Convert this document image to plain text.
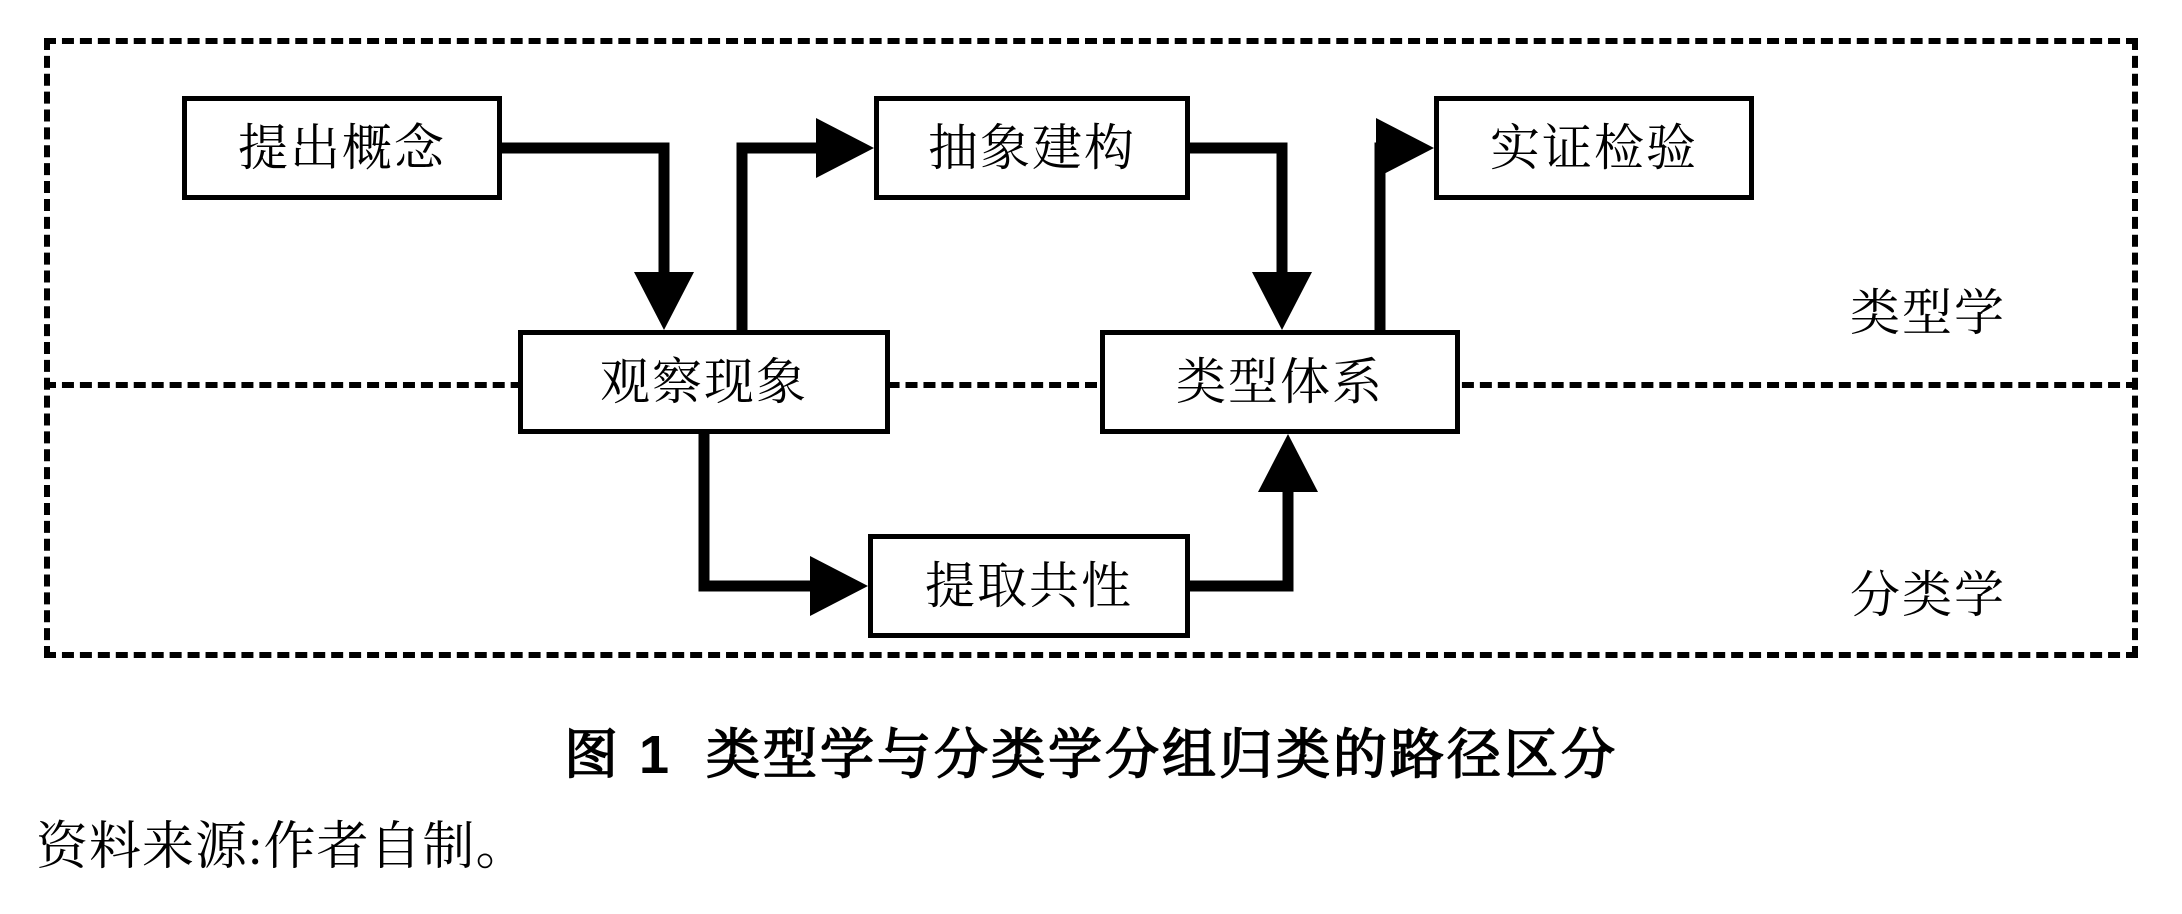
提出概念	抽象建构	实证检验
观察现象	类型体系
提取共性
类型学
分类学
图 1 类型学与分类学分组归类的路径区分
资料来源:作者自制。
